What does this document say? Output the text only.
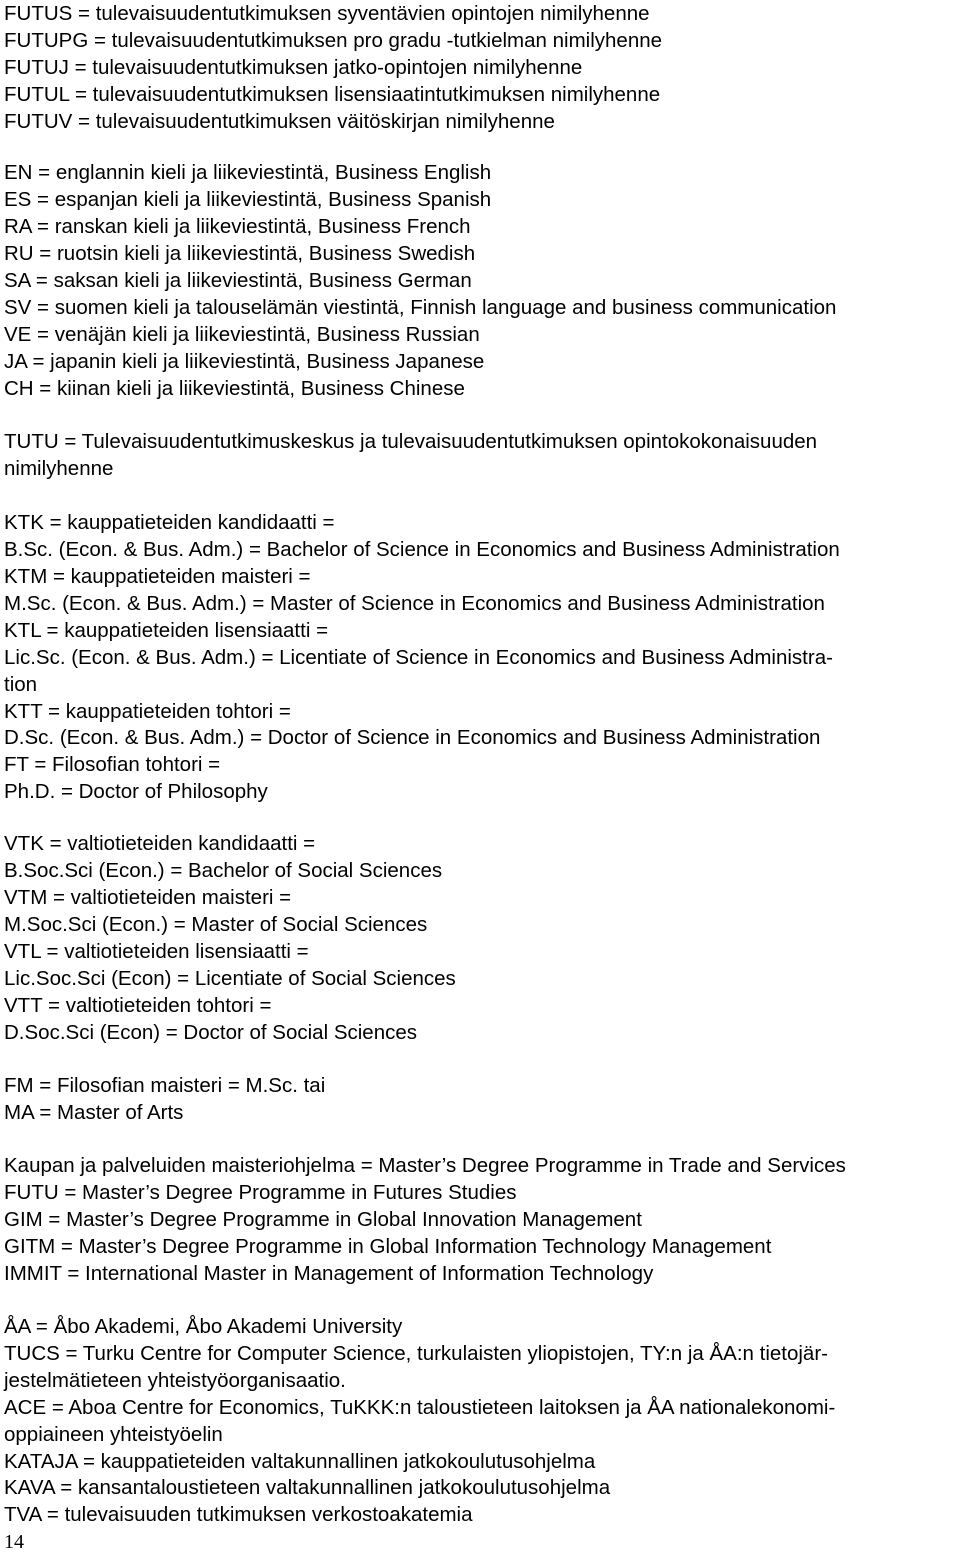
FUTUS = tulevaisuudentutkimuksen syventävien opintojen nimilyhenne
FUTUPG = tulevaisuudentutkimuksen pro gradu -tutkielman nimilyhenne
FUTUJ = tulevaisuudentutkimuksen jatko-opintojen nimilyhenne
FUTUL = tulevaisuudentutkimuksen lisensiaatintutkimuksen nimilyhenne
FUTUV = tulevaisuudentutkimuksen väitöskirjan nimilyhenne
EN = englannin kieli ja liikeviestintä, Business English
ES = espanjan kieli ja liikeviestintä, Business Spanish
RA = ranskan kieli ja liikeviestintä, Business French
RU = ruotsin kieli ja liikeviestintä, Business Swedish
SA = saksan kieli ja liikeviestintä, Business German
SV = suomen kieli ja talouselämän viestintä, Finnish language and business communication
VE = venäjän kieli ja liikeviestintä, Business Russian
JA = japanin kieli ja liikeviestintä, Business Japanese
CH = kiinan kieli ja liikeviestintä, Business Chinese
TUTU = Tulevaisuudentutkimuskeskus ja tulevaisuudentutkimuksen opintokokonaisuuden
nimilyhenne
KTK = kauppatieteiden kandidaatti =
B.Sc. (Econ. & Bus. Adm.) = Bachelor of Science in Economics and Business Administration
KTM = kauppatieteiden maisteri =
M.Sc. (Econ. & Bus. Adm.) = Master of Science in Economics and Business Administration
KTL = kauppatieteiden lisensiaatti =
Lic.Sc. (Econ. & Bus. Adm.) = Licentiate of Science in Economics and Business Administra-
tion
KTT = kauppatieteiden tohtori =
D.Sc. (Econ. & Bus. Adm.) = Doctor of Science in Economics and Business Administration
FT = Filosofian tohtori =
Ph.D. = Doctor of Philosophy
VTK = valtiotieteiden kandidaatti =
B.Soc.Sci (Econ.) = Bachelor of Social Sciences
VTM = valtiotieteiden maisteri =
M.Soc.Sci (Econ.) = Master of Social Sciences
VTL = valtiotieteiden lisensiaatti =
Lic.Soc.Sci (Econ) = Licentiate of Social Sciences
VTT = valtiotieteiden tohtori =
D.Soc.Sci (Econ) = Doctor of Social Sciences
FM = Filosofian maisteri = M.Sc. tai
MA = Master of Arts
Kaupan ja palveluiden maisteriohjelma = Master’s Degree Programme in Trade and Services
FUTU = Master’s Degree Programme in Futures Studies
GIM = Master’s Degree Programme in Global Innovation Management
GITM = Master’s Degree Programme in Global Information Technology Management
IMMIT = International Master in Management of Information Technology
ÅA = Åbo Akademi, Åbo Akademi University
TUCS = Turku Centre for Computer Science, turkulaisten yliopistojen, TY:n ja ÅA:n tietojär-
jestelmätieteen yhteistyöorganisaatio.
ACE = Aboa Centre for Economics, TuKKK:n taloustieteen laitoksen ja ÅA nationalekonomi-
oppiaineen yhteistyöelin
KATAJA = kauppatieteiden valtakunnallinen jatkokoulutusohjelma
KAVA = kansantaloustieteen valtakunnallinen jatkokoulutusohjelma
TVA = tulevaisuuden tutkimuksen verkostoakatemia
14
